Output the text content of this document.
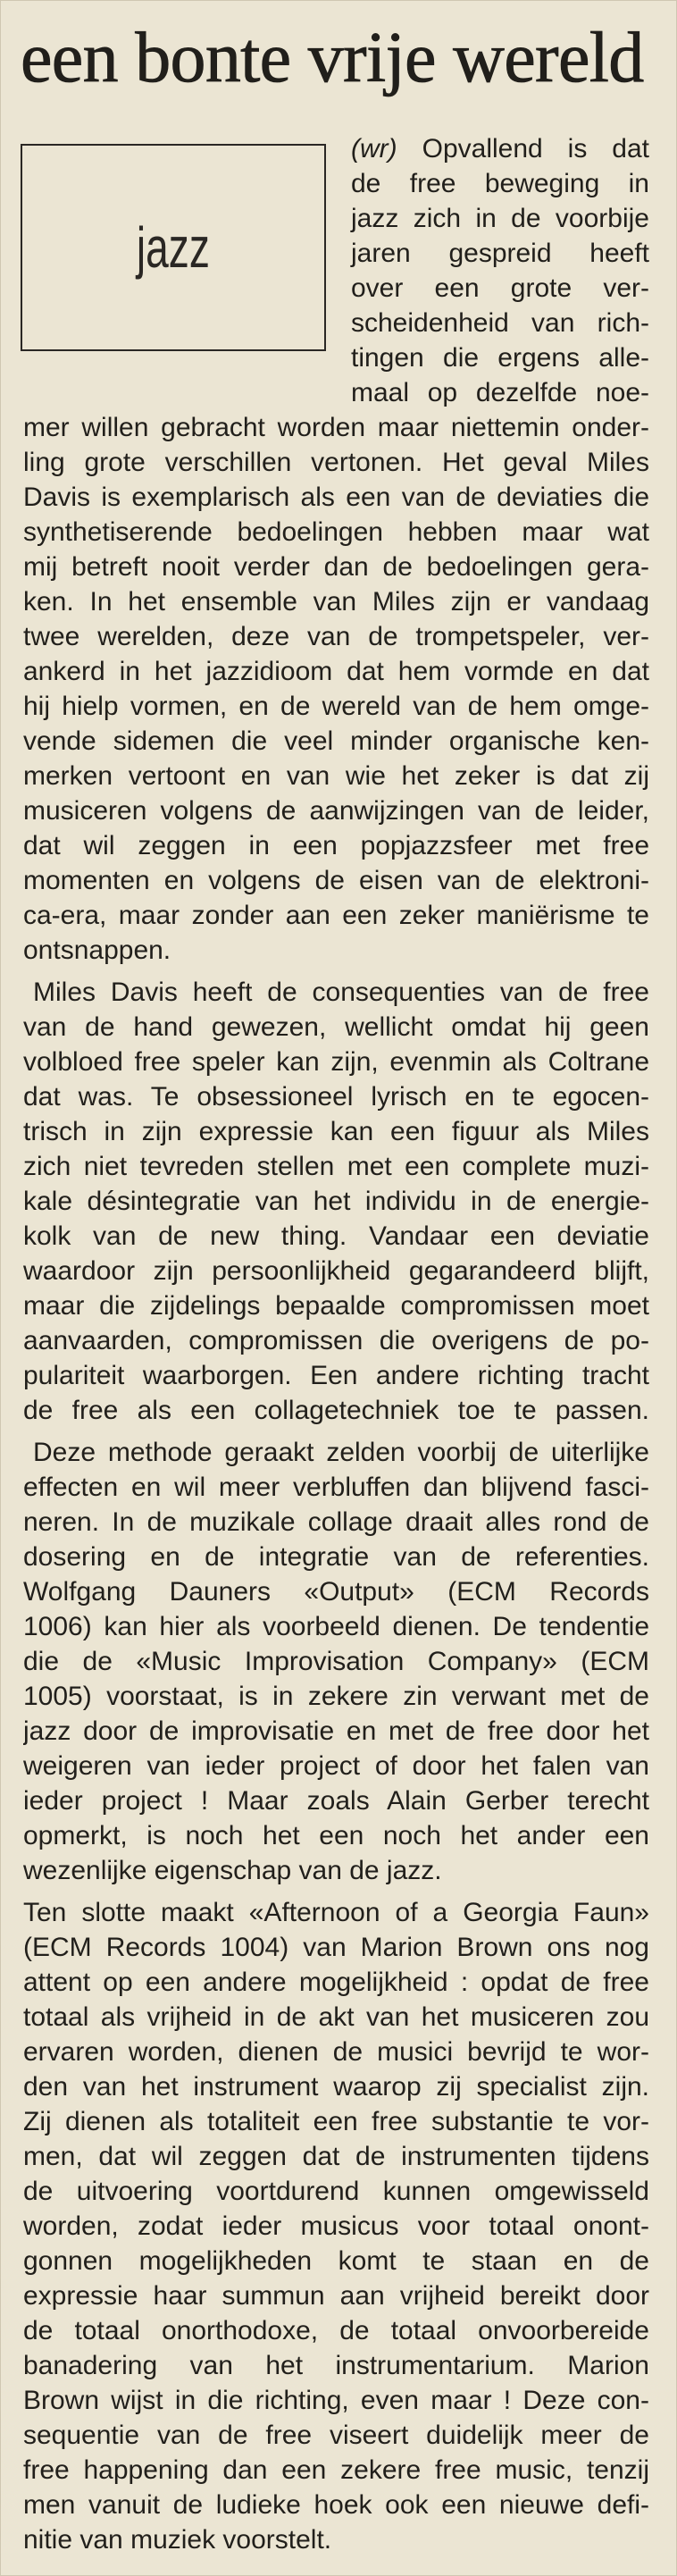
een bonte vrije wereld
jazz
(wr) Opvallend is dat
de free beweging in
jazz zich in de voorbije
jaren gespreid heeft
over een grote ver-
scheidenheid van rich-
tingen die ergens alle-
maal op dezelfde noe-
mer willen gebracht worden maar niettemin onder-
ling grote verschillen vertonen. Het geval Miles
Davis is exemplarisch als een van de deviaties die
synthetiserende bedoelingen hebben maar wat
mij betreft nooit verder dan de bedoelingen gera-
ken. In het ensemble van Miles zijn er vandaag
twee werelden, deze van de trompetspeler, ver-
ankerd in het jazzidioom dat hem vormde en dat
hij hielp vormen, en de wereld van de hem omge-
vende sidemen die veel minder organische ken-
merken vertoont en van wie het zeker is dat zij
musiceren volgens de aanwijzingen van de leider,
dat wil zeggen in een popjazzsfeer met free
momenten en volgens de eisen van de elektroni-
ca-era, maar zonder aan een zeker maniërisme te
ontsnappen.
Miles Davis heeft de consequenties van de free
van de hand gewezen, wellicht omdat hij geen
volbloed free speler kan zijn, evenmin als Coltrane
dat was. Te obsessioneel lyrisch en te egocen-
trisch in zijn expressie kan een figuur als Miles
zich niet tevreden stellen met een complete muzi-
kale désintegratie van het individu in de energie-
kolk van de new thing. Vandaar een deviatie
waardoor zijn persoonlijkheid gegarandeerd blijft,
maar die zijdelings bepaalde compromissen moet
aanvaarden, compromissen die overigens de po-
pulariteit waarborgen. Een andere richting tracht
de free als een collagetechniek toe te passen.
Deze methode geraakt zelden voorbij de uiterlijke
effecten en wil meer verbluffen dan blijvend fasci-
neren. In de muzikale collage draait alles rond de
dosering en de integratie van de referenties.
Wolfgang Dauners «Output» (ECM Records
1006) kan hier als voorbeeld dienen. De tendentie
die de «Music Improvisation Company» (ECM
1005) voorstaat, is in zekere zin verwant met de
jazz door de improvisatie en met de free door het
weigeren van ieder project of door het falen van
ieder project ! Maar zoals Alain Gerber terecht
opmerkt, is noch het een noch het ander een
wezenlijke eigenschap van de jazz.
Ten slotte maakt «Afternoon of a Georgia Faun»
(ECM Records 1004) van Marion Brown ons nog
attent op een andere mogelijkheid : opdat de free
totaal als vrijheid in de akt van het musiceren zou
ervaren worden, dienen de musici bevrijd te wor-
den van het instrument waarop zij specialist zijn.
Zij dienen als totaliteit een free substantie te vor-
men, dat wil zeggen dat de instrumenten tijdens
de uitvoering voortdurend kunnen omgewisseld
worden, zodat ieder musicus voor totaal onont-
gonnen mogelijkheden komt te staan en de
expressie haar summun aan vrijheid bereikt door
de totaal onorthodoxe, de totaal onvoorbereide
banadering van het instrumentarium. Marion
Brown wijst in die richting, even maar ! Deze con-
sequentie van de free viseert duidelijk meer de
free happening dan een zekere free music, tenzij
men vanuit de ludieke hoek ook een nieuwe defi-
nitie van muziek voorstelt.
